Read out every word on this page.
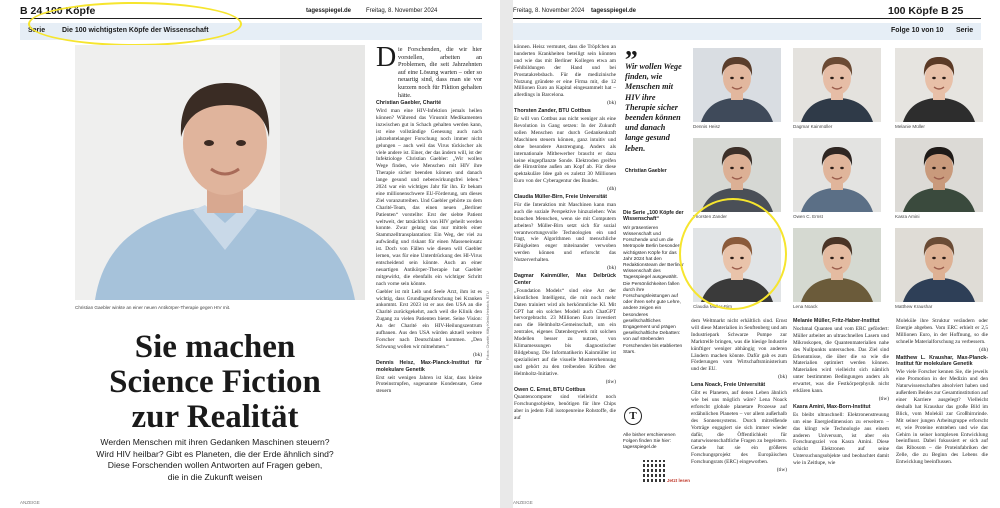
B 24 100 Köpfe	tagesspiegel.de Freitag, 8. November 2024
Serie Die 100 wichtigsten Köpfe der Wissenschaft
Christian Gaebler winkte an einer neuen Antikörper-Therapie gegen HIV mit.
Sie machen
Science Fiction
zur Realität
Werden Menschen mit ihren Gedanken Maschinen steuern?
Wird HIV heilbar? Gibt es Planeten, die der Erde ähnlich sind?
Diese Forschenden wollen Antworten auf Fragen geben,
die in die Zukunft weisen
D ie Forschenden, die wir hier vorstellen, arbeiten an Problemen, die seit Jahrzehnten auf eine Lösung warten – oder so neuartig sind, dass man sie vor kurzem noch für Fiktion gehalten hätte.

Christian Gaebler, Charité

Wird man eine HIV-Infektion jemals heilen können? Während das Virusmit Medikamenten inzwischen gut in Schach gehalten werden kann, ist eine vollständige Genesung auch nach jahrzehntelanger Forschung noch immer nicht gelungen – auch weil das Virus tückischer als viele andere ist. Einer, der das ändern will, ist der Infektiologe Christian Gaebler: „Wir wollen Wege finden, wie Menschen mit HIV ihre Therapie sicher beenden können und danach lange gesund und nebenwirkungsfrei leben.“ 2024 war ein wichtiges Jahr für ihn. Er bekam eine millionenschwere EU-Förderung, um dieses Ziel voranzutreiben. Und Gaebler gehörte zu dem Charité-Team, das einen neuen „Berliner Patienten“ vorstellte: Erst der siebte Patient weltweit, der tatsächlich von HIV geheilt werden konnte. Zwar gelang das nur mittels einer Stammzelltransplantation: Ein Weg, der viel zu aufwändig und riskant für einen Masseneinsatz ist. Doch von Fällen wie diesen will Gaebler lernen, was für eine Unterdrückung des HI-Virus entscheidend sein könnte. Auch an einer neuartigen Antikörper-Therapie hat Gaebler mitgewirkt, die ebenfalls ein wichtiger Schritt nach vorne sein könnte.

Gaebler ist mit Leib und Seele Arzt, ihm ist es wichtig, dass Grundlagenforschung bei Kranken ankommt. Erst 2023 ist er aus den USA an die Charité zurückgekehrt, auch weil die Klinik den Zugang zu vielen Patienten bietet. Seine Vision: An der Charité ein HIV-Heilungszentrum aufbauen. Aus den USA würden aktuell weitere Forscher nach Deutschland kommen. „Den Schwung wollen wir mitnehmen.“

(bk)

Dennis Heisz, Max-Planck-Institut für molekulare Genetik

Erst seit wenigen Jahren ist klar, dass kleine Proteinstrupfen, sogenannte Kondensate, Gene steuern

ANZEIGE
Fotos: Charité, Kitty Kleist-Heinrich, BTU
Freitag, 8. November 2024 tagesspiegel.de	100 Köpfe B 25
Folge 10 von 10 Serie

können. Heisz vermutet, dass die Tröpfchen an hunderten Krankheiten beteiligt sein könnten und wie das mit Berliner Kollegen etwa am Fehlbildungen der Hand und bei Prostatakrebsbach. Für die medizinische Nutzung gründete er eine Firma mit, die 12 Millionen Euro an Kapital eingesammelt hat – allerdings in Barcelona.

(bk)

Thorsten Zander, BTU Cottbus

Er will von Cottbus aus nicht weniger als eine Revolution in Gang setzen: In der Zukunft sollen Menschen nur durch Gedankenkraft Maschinen steuern können, ganz intuitiv und ohne besondere Anstrengung. Anders als internationale Mitbewerber braucht er dazu keine eingepflanzte Sonde. Elektroden greifen die Hirnströme außen am Kopf ab. Für diese spektakuläre Idee gab es zuletzt 30 Millionen Euro von der Cyberagentur des Bundes.

(dh)

Claudia Müller-Birn, Freie Universität

Für die Interaktion mit Maschinen kann man auch die soziale Perspektive hinzuziehen: Was brauchen Menschen, wenn sie mit Computern arbeiten? Müller-Birn setzt sich für sozial verantwortungsvolle Technologien ein und fragt, wie Algorithmen und menschliche Fähigkeiten enger miteinander verwoben werden können und erforscht das Nutzerverhalten.

(bk)

Dagmar Kainmüller, Max Delbrück Center

„Foundation Models“ sind eine Art der künstlichen Intelligenz, die mit noch mehr Daten trainiert wird als herkömmliche KI. Mit GPT hat ein solches Modell auch ChatGPT hervorgebracht. 23 Millionen Euro investiert nun die Helmholtz-Gemeinschaft, um ein zentrales, eigenes Datenbergwerk mit solchen Modellen besser zu nutzen, von Klimamessungen bis diagnostischer Bildgebung. Die Informatikerin Kainmüller ist spezialisiert auf die visuelle Mustererkennung und gehört zu den treibenden Kräften der Helmholtz-Initiative.

(tiw)

Owen C. Ernst, BTU Cottbus

Quantencomputer sind vielleicht noch Forschungsobjekte, benötigen für ihre Chips aber in jedem Fall isotopenreine Rohstoffe, die auf

„
Wir wollen Wege finden, wie Menschen mit HIV ihre Therapie sicher beenden können und danach lange gesund leben.
Christian Gaebler
Die Serie „100 Köpfe der Wissenschaft“
Wir präsentieren Wissenschaft und Forschende und um die Metropole Berlin besonders wichtigsten Köpfe für das Jahr 2024 hat den Redaktionsteam der Berliner Wissenschaft des Tagesspiegel ausgewählt. Die Persönlichkeiten fallen durch ihre Forschungsleistungen auf oder ihren sehr gute Lehre, andere zeigen ein besonderes gesellschaftliches Engagement und prägen gesellschaftliche Debatten: von auf strebenden Forschenden bis etablierten Stars.
T
Alle bisher erschienenen Folgen finden Sie hier: tagesspiegel.de
Jetzt lesen
Dennis Heisz	Dagmar Kainmüller	Melanie Müller
Thorsten Zander	Owen C. Ernst	Kasra Amini
Claudia Müller-Birn	Lena Noack	Matthew Kraushar

dem Weltmarkt nicht erhältlich sind. Ernst will diese Materialien in Senftenberg und am Industriepark Schwarze Pumpe zur Marktreife bringen, was die hiesige Industrie künftiger weniger abhängig von anderen Ländern machen könnte. Dafür gab es zum Förderungen vom Wirtschaftsministerium und der EU.

(bk)

Lena Noack, Freie Universität

Gibt es Planeten, auf denen Leben ähnlich wie bei uns möglich wäre? Lena Noack erforscht globale planetare Prozesse auf erdähnlichen Planeten – vor allem außerhalb des Sonnensystems. Durch mitreißende Vorträge engagiert sie sich immer wieder dafür, die Öffentlichkeit für naturwissenschaftliche Fragen zu begeistern. Gerade hat sie ein größeres Forschungsprojekt des Europäischen Forschungsrats (ERC) eingeworben.

(tiw)

Melanie Müller, Fritz-Haber-Institut

Nochmal Quanten und vom ERC gefördert: Müller arbeitet an ultraschnellen Lasern und Mikroskopen, die Quantenmaterialien nahe des Nullpunkts untersuchen. Das Ziel sind Erkenntnisse, die über die so wie die Materialien optimiert werden können. Materialien wird vielleicht sich nämlich unter bestimmten Bedingungen anders als erwartet, was die Festkörperphysik nicht erklären kann.

(tiw)

Kasra Amini, Max-Born-Institut

Es bleibt ultraschnell: Elektronenstreuung um eine Energiedimension zu erweitern – das klingt wie Technologie aus einem anderen Universum, ist aber ein Forschungsziel von Kasra Amini. Diese schickt Elektronen auf seine Untersuchungsobjekte und beobachtet damit wie in Zeitlupe, wie

Moleküle ihre Struktur verändern oder Energie abgeben. Vom ERC erhielt er 2,5 Millionen Euro, in der Hoffnung, so die schnelle Materialforschung zu verbessern.

(dh)

Matthew L. Kraushar, Max-Planck-Institut für molekulare Genetik

Wie viele Forscher kennen Sie, die jeweils eine Promotion in der Medizin und den Naturwissenschaften absolviert haben und außerdem Beides zur Gesamtinstitution auf einer Karriere ausgelegt? Vielleicht deshalb hat Kraushar das große Bild im Blick, vom Molekül zur Großhirnrinde. Mit seiner jungen Arbeitsgruppe erforscht er, wie Proteine entstehen und wie das Gehirn in seiner komplexen Entwicklung beeinflusst. Dabei fokussiert er sich auf das Ribosom – die Proteinfabriken der Zelle, die zu Beginn des Lebens die Entwicklung beeinflussen.

ANZEIGE
